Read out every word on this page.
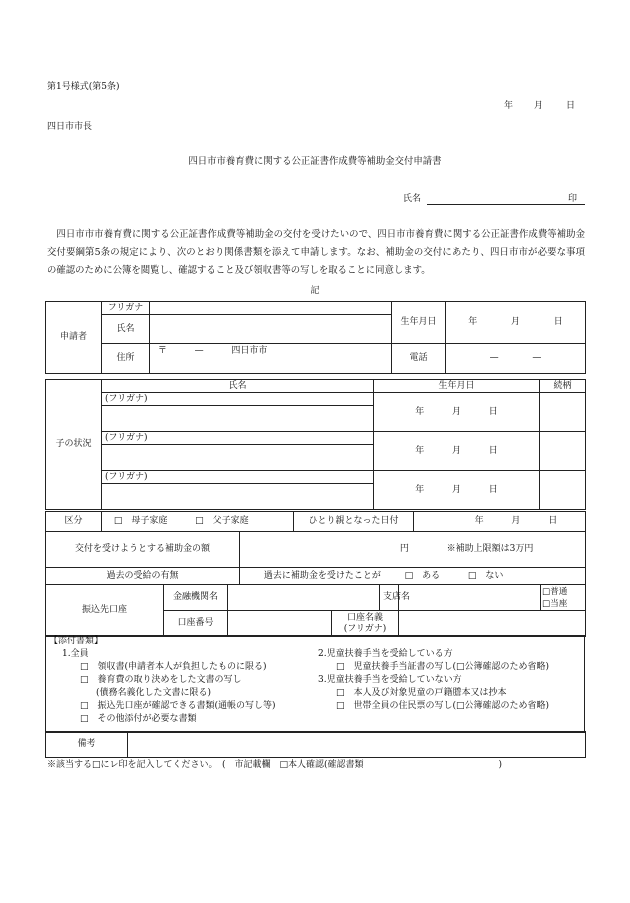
第1号様式(第5条)
年 月	日
四日市市長
四日市市養育費に関する公正証書作成費等補助金交付申請書
氏名	印
四日市市市養育費に関する公正証書作成費等補助金の交付を受けたいので、四日市市養育費に関する公正証書作成費等補助金交付要綱第5条の規定により、次のとおり関係書類を添えて申請します。なお、補助金の交付にあたり、四日市市が必要な事項の確認のために公簿を閲覧し、確認すること及び領収書等の写しを取ることに同意します。
記
申請者	フリガナ		生年月日	年 月 日
	氏名			
	住所	〒 — 四日市市	電話	— —
子の状況	氏名	生年月日	続柄
	(フリガナ)	年 月 日	

	(フリガナ)	年 月 日	

	(フリガナ)	年 月 日	

区分	□　母子家庭	□　父子家庭	ひとり親となった日付	年	月	日
交付を受けようとする補助金の額	円	※補助上限額は3万円
過去の受給の有無	過去に補助金を受けたことが	□　ある	□　ない
振込先口座	金融機関名			支店名		□普通
□当座

	口座番号		口座名義
(フリガナ)			

【添付書類】
1.全員
□　領収書(申請者本人が負担したものに限る)
□　養育費の取り決めをした文書の写し
(債務名義化した文書に限る)
□　振込先口座が確認できる書類(通帳の写し等)
□　その他添付が必要な書類
2.児童扶養手当を受給している方
□　児童扶養手当証書の写し(□公簿確認のため省略)
3.児童扶養手当を受給していない方
□　本人及び対象児童の戸籍謄本又は抄本
□　世帯全員の住民票の写し(□公簿確認のため省略)
備考	
※該当する□にレ印を記入してください。　(　市記載欄　□本人確認(確認書類　　　　　　　　　　　　　　　)
